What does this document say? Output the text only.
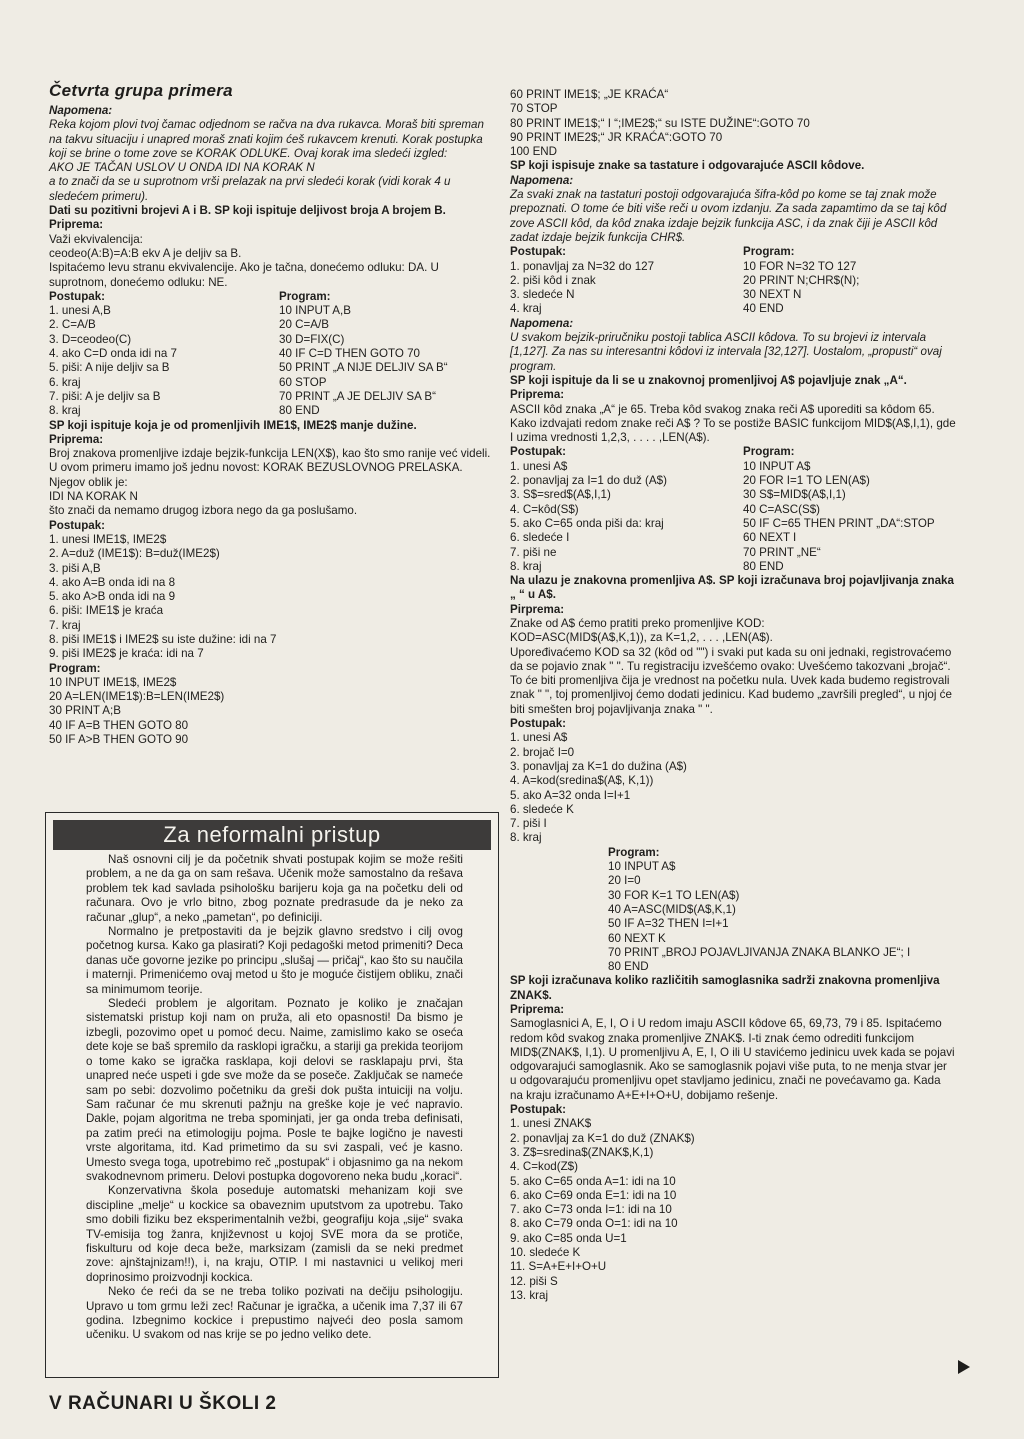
Četvrta grupa primera

Napomena:

Reka kojom plovi tvoj čamac odjednom se račva na dva rukavca. Moraš biti spreman na takvu situaciju i unapred moraš znati kojim ćeš rukavcem krenuti. Korak postupka koji se brine o tome zove se KORAK ODLUKE. Ovaj korak ima sledeći izgled:

AKO JE TAČAN USLOV U ONDA IDI NA KORAK N

a to znači da se u suprotnom vrši prelazak na prvi sledeći korak (vidi korak 4 u sledećem primeru).

Dati su pozitivni brojevi A i B. SP koji ispituje deljivost broja A brojem B.

Priprema:

Važi ekvivalencija:

ceodeo(A:B)=A:B ekv A je deljiv sa B.

Ispitaćemo levu stranu ekvivalencije. Ako je tačna, donećemo odluku: DA. U suprotnom, donećemo odluku: NE.

Postupak:

1. unesi A,B

2. C=A/B

3. D=ceodeo(C)

4. ako C=D onda idi na 7

5. piši: A nije deljiv sa B

6. kraj

7. piši: A je deljiv sa B

8. kraj

Program:

10 INPUT A,B

20 C=A/B

30 D=FIX(C)

40 IF C=D THEN GOTO 70

50 PRINT „A NIJE DELJIV SA B“

60 STOP

70 PRINT „A JE DELJIV SA B“

80 END

SP koji ispituje koja je od promenljivih IME1$, IME2$ manje dužine.

Priprema:

Broj znakova promenljive izdaje bejzik-funkcija LEN(X$), kao što smo ranije već videli. U ovom primeru imamo još jednu novost: KORAK BEZUSLOVNOG PRELASKA. Njegov oblik je:

IDI NA KORAK N

što znači da nemamo drugog izbora nego da ga poslušamo.

Postupak:

1. unesi IME1$, IME2$

2. A=duž (IME1$): B=duž(IME2$)

3. piši A,B

4. ako A=B onda idi na 8

5. ako A>B onda idi na 9

6. piši: IME1$ je kraća

7. kraj

8. piši IME1$ i IME2$ su iste dužine: idi na 7

9. piši IME2$ je kraća: idi na 7

Program:

10 INPUT IME1$, IME2$

20 A=LEN(IME1$):B=LEN(IME2$)

30 PRINT A;B

40 IF A=B THEN GOTO 80

50 IF A>B THEN GOTO 90

Za neformalni pristup

Naš osnovni cilj je da početnik shvati postupak kojim se može rešiti problem, a ne da ga on sam rešava. Učenik može samostalno da rešava problem tek kad savlada psihološku barijeru koja ga na početku deli od računara. Ovo je vrlo bitno, zbog poznate predrasude da je neko za računar „glup“, a neko „pametan“, po definiciji.

Normalno je pretpostaviti da je bejzik glavno sredstvo i cilj ovog početnog kursa. Kako ga plasirati? Koji pedagoški metod primeniti? Deca danas uče govorne jezike po principu „slušaj — pričaj“, kao što su naučila i maternji. Primenićemo ovaj metod u što je moguće čistijem obliku, znači sa minimumom teorije.

Sledeći problem je algoritam. Poznato je koliko je značajan sistematski pristup koji nam on pruža, ali eto opasnosti! Da bismo je izbegli, pozovimo opet u pomoć decu. Naime, zamislimo kako se oseća dete koje se baš spremilo da rasklopi igračku, a stariji ga prekida teorijom o tome kako se igračka rasklapa, koji delovi se rasklapaju prvi, šta unapred neće uspeti i gde sve može da se poseče. Zaključak se nameće sam po sebi: dozvolimo početniku da greši dok pušta intuiciji na volju. Sam računar će mu skrenuti pažnju na greške koje je već napravio. Dakle, pojam algoritma ne treba spominjati, jer ga onda treba definisati, pa zatim preći na etimologiju pojma. Posle te bajke logično je navesti vrste algoritama, itd. Kad primetimo da su svi zaspali, već je kasno. Umesto svega toga, upotrebimo reč „postupak“ i objasnimo ga na nekom svakodnevnom primeru. Delovi postupka dogovoreno neka budu „koraci“.

Konzervativna škola poseduje automatski mehanizam koji sve discipline „melje“ u kockice sa obaveznim uputstvom za upotrebu. Tako smo dobili fiziku bez eksperimentalnih vežbi, geografiju koja „sije“ svaka TV-emisija tog žanra, književnost u kojoj SVE mora da se protiče, fiskulturu od koje deca beže, marksizam (zamisli da se neki predmet zove: ajnštajnizam!!), i, na kraju, OTIP. I mi nastavnici u velikoj meri doprinosimo proizvodnji kockica.

Neko će reći da se ne treba toliko pozivati na dečiju psihologiju. Upravo u tom grmu leži zec! Računar je igračka, a učenik ima 7,37 ili 67 godina. Izbegnimo kockice i prepustimo najveći deo posla samom učeniku. U svakom od nas krije se po jedno veliko dete.

60 PRINT IME1$; „JE KRAĆA“

70 STOP

80 PRINT IME1$;“ I “;IME2$;“ su ISTE DUŽINE“:GOTO 70

90 PRINT IME2$;“ JR KRAĆA“:GOTO 70

100 END

SP koji ispisuje znake sa tastature i odgovarajuće ASCII kôdove.

Napomena:

Za svaki znak na tastaturi postoji odgovarajuća šifra-kôd po kome se taj znak može prepoznati. O tome će biti više reči u ovom izdanju. Za sada zapamtimo da se taj kôd zove ASCII kôd, da kôd znaka izdaje bejzik funkcija ASC, i da znak čiji je ASCII kôd zadat izdaje bejzik funkcija CHR$.

Postupak:

1. ponavljaj za N=32 do 127

2. piši kôd i znak

3. sledeće N

4. kraj

Program:

10 FOR N=32 TO 127

20 PRINT N;CHR$(N);

30 NEXT N

40 END

Napomena:

U svakom bejzik-priručniku postoji tablica ASCII kôdova. To su brojevi iz intervala [1,127]. Za nas su interesantni kôdovi iz intervala [32,127]. Uostalom, „propusti“ ovaj program.

SP koji ispituje da li se u znakovnoj promenljivoj A$ pojavljuje znak „A“.

Priprema:

ASCII kôd znaka „A“ je 65. Treba kôd svakog znaka reči A$ uporediti sa kôdom 65. Kako izdvajati redom znake reči A$ ? To se postiže BASIC funkcijom MID$(A$,I,1), gde I uzima vrednosti 1,2,3, . . . . ,LEN(A$).

Postupak:

1. unesi A$

2. ponavljaj za I=1 do duž (A$)

3. S$=sred$(A$,I,1)

4. C=kôd(S$)

5. ako C=65 onda piši da: kraj

6. sledeće I

7. piši ne

8. kraj

Program:

10 INPUT A$

20 FOR I=1 TO LEN(A$)

30 S$=MID$(A$,I,1)

40 C=ASC(S$)

50 IF C=65 THEN PRINT „DA“:STOP

60 NEXT I

70 PRINT „NE“

80 END

Na ulazu je znakovna promenljiva A$. SP koji izračunava broj pojavljivanja znaka „ “ u A$.

Pirprema:

Znake od A$ ćemo pratiti preko promenljive KOD:

KOD=ASC(MID$(A$,K,1)), za K=1,2, . . . ,LEN(A$).

Upoređivaćemo KOD sa 32 (kôd od "") i svaki put kada su oni jednaki, registrovaćemo da se pojavio znak " ". Tu registraciju izvešćemo ovako: Uvešćemo takozvani „brojač“. To će biti promenljiva čija je vrednost na početku nula. Uvek kada budemo registrovali znak " ", toj promenljivoj ćemo dodati jedinicu. Kad budemo „završili pregled“, u njoj će biti smešten broj pojavljivanja znaka " ".

Postupak:

1. unesi A$

2. brojač I=0

3. ponavljaj za K=1 do dužina (A$)

4. A=kod(sredina$(A$, K,1))

5. ako A=32 onda I=I+1

6. sledeće K

7. piši I

8. kraj

Program:

10 INPUT A$

20 I=0

30 FOR K=1 TO LEN(A$)

40 A=ASC(MID$(A$,K,1)

50 IF A=32 THEN I=I+1

60 NEXT K

70 PRINT „BROJ POJAVLJIVANJA ZNAKA BLANKO JE“; I

80 END

SP koji izračunava koliko različitih samoglasnika sadrži znakovna promenljiva ZNAK$.

Priprema:

Samoglasnici A, E, I, O i U redom imaju ASCII kôdove 65, 69,73, 79 i 85. Ispitaćemo redom kôd svakog znaka promenljive ZNAK$. I-ti znak ćemo odrediti funkcijom MID$(ZNAK$, I,1). U promenljivu A, E, I, O ili U stavićemo jedinicu uvek kada se pojavi odgovarajući samoglasnik. Ako se samoglasnik pojavi više puta, to ne menja stvar jer u odgovarajuću promenljivu opet stavljamo jedinicu, znači ne povećavamo ga. Kada na kraju izračunamo A+E+I+O+U, dobijamo rešenje.

Postupak:

1. unesi ZNAK$

2. ponavljaj za K=1 do duž (ZNAK$)

3. Z$=sredina$(ZNAK$,K,1)

4. C=kod(Z$)

5. ako C=65 onda A=1: idi na 10

6. ako C=69 onda E=1: idi na 10

7. ako C=73 onda I=1: idi na 10

8. ako C=79 onda O=1: idi na 10

9. ako C=85 onda U=1

10. sledeće K

11. S=A+E+I+O+U

12. piši S

13. kraj

V RAČUNARI U ŠKOLI 2
